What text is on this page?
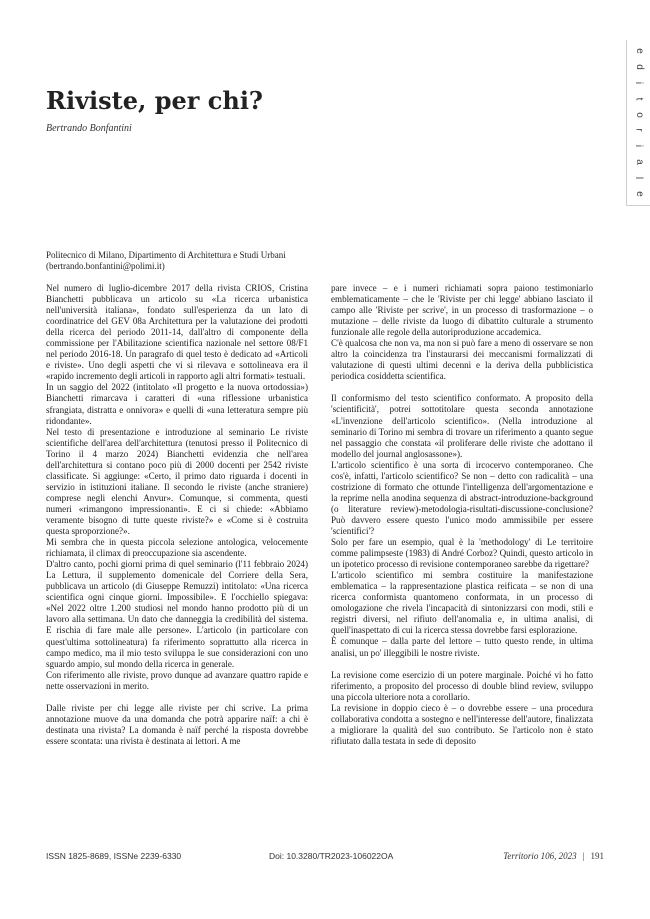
e
d
i
t
o
r
i
a
l
e
Riviste, per chi?
Bertrando Bonfantini
Politecnico di Milano, Dipartimento di Architettura e Studi Urbani
(bertrando.bonfantini@polimi.it)

Nel numero di luglio-dicembre 2017 della rivista CRIOS, Cristina Bianchetti pubblicava un articolo su «La ricerca urbanistica nell'università italiana», fondato sull'esperienza da un lato di coordinatrice del GEV 08a Architettura per la valutazione dei prodotti della ricerca del periodo 2011-14, dall'altro di componente della commissione per l'Abilitazione scientifica nazionale nel settore 08/F1 nel periodo 2016-18. Un paragrafo di quel testo è dedicato ad «Articoli e riviste». Uno degli aspetti che vi si rilevava e sottolineava era il «rapido incremento degli articoli in rapporto agli altri formati» testuali.

In un saggio del 2022 (intitolato «Il progetto e la nuova ortodossia») Bianchetti rimarcava i caratteri di «una riflessione urbanistica sfrangiata, distratta e onnivora» e quelli di «una letteratura sempre più ridondante».

Nel testo di presentazione e introduzione al seminario Le riviste scientifiche dell'area dell'architettura (tenutosi presso il Politecnico di Torino il 4 marzo 2024) Bianchetti evidenzia che nell'area dell'architettura si contano poco più di 2000 docenti per 2542 riviste classificate. Si aggiunge: «Certo, il primo dato riguarda i docenti in servizio in istituzioni italiane. Il secondo le riviste (anche straniere) comprese negli elenchi Anvur». Comunque, si commenta, questi numeri «rimangono impressionanti». E ci si chiede: «Abbiamo veramente bisogno di tutte queste riviste?» e «Come si è costruita questa sproporzione?».

Mi sembra che in questa piccola selezione antologica, velocemente richiamata, il climax di preoccupazione sia ascendente.

D'altro canto, pochi giorni prima di quel seminario (l'11 febbraio 2024) La Lettura, il supplemento domenicale del Corriere della Sera, pubblicava un articolo (di Giuseppe Remuzzi) intitolato: «Una ricerca scientifica ogni cinque giorni. Impossibile». E l'occhiello spiegava: «Nel 2022 oltre 1.200 studiosi nel mondo hanno prodotto più di un lavoro alla settimana. Un dato che danneggia la credibilità del sistema. E rischia di fare male alle persone». L'articolo (in particolare con quest'ultima sottolineatura) fa riferimento soprattutto alla ricerca in campo medico, ma il mio testo sviluppa le sue considerazioni con uno sguardo ampio, sul mondo della ricerca in generale.

Con riferimento alle riviste, provo dunque ad avanzare quattro rapide e nette osservazioni in merito.

Dalle riviste per chi legge alle riviste per chi scrive. La prima annotazione muove da una domanda che potrà apparire naïf: a chi è destinata una rivista? La domanda è naïf perché la risposta dovrebbe essere scontata: una rivista è destinata ai lettori. A me

pare invece – e i numeri richiamati sopra paiono testimoniarlo emblematicamente – che le 'Riviste per chi legge' abbiano lasciato il campo alle 'Riviste per scrive', in un processo di trasformazione – o mutazione – delle riviste da luogo di dibattito culturale a strumento funzionale alle regole della autoriproduzione accademica.

C'è qualcosa che non va, ma non si può fare a meno di osservare se non altro la coincidenza tra l'instaurarsi dei meccanismi formalizzati di valutazione di questi ultimi decenni e la deriva della pubblicistica periodica cosiddetta scientifica.

Il conformismo del testo scientifico conformato. A proposito della 'scientificità', potrei sottotitolare questa seconda annotazione «L'invenzione dell'articolo scientifico». (Nella introduzione al seminario di Torino mi sembra di trovare un riferimento a quanto segue nel passaggio che constata «il proliferare delle riviste che adottano il modello del journal anglosassone»).

L'articolo scientifico è una sorta di ircocervo contemporaneo. Che cos'è, infatti, l'articolo scientifico? Se non – detto con radicalità – una costrizione di formato che ottunde l'intelligenza dell'argomentazione e la reprime nella anodina sequenza di abstract-introduzione-background (o literature review)-metodologia-risultati-discussione-conclusione? Può davvero essere questo l'unico modo ammissibile per essere 'scientifici'?

Solo per fare un esempio, qual è la 'methodology' di Le territoire comme palimpseste (1983) di André Corboz? Quindi, questo articolo in un ipotetico processo di revisione contemporaneo sarebbe da rigettare?

L'articolo scientifico mi sembra costituire la manifestazione emblematica – la rappresentazione plastica reificata – se non di una ricerca conformista quantomeno conformata, in un processo di omologazione che rivela l'incapacità di sintonizzarsi con modi, stili e registri diversi, nel rifiuto dell'anomalia e, in ultima analisi, di quell'inaspettato di cui la ricerca stessa dovrebbe farsi esplorazione.

È comunque – dalla parte del lettore – tutto questo rende, in ultima analisi, un po' illeggibili le nostre riviste.

La revisione come esercizio di un potere marginale. Poiché vi ho fatto riferimento, a proposito del processo di double blind review, sviluppo una piccola ulteriore nota a corollario.

La revisione in doppio cieco è – o dovrebbe essere – una procedura collaborativa condotta a sostegno e nell'interesse dell'autore, finalizzata a migliorare la qualità del suo contributo. Se l'articolo non è stato rifiutato dalla testata in sede di deposito

ISSN 1825-8689, ISSNe 2239-6330	Doi: 10.3280/TR2023-106022OA	Territorio 106, 2023 | 191
